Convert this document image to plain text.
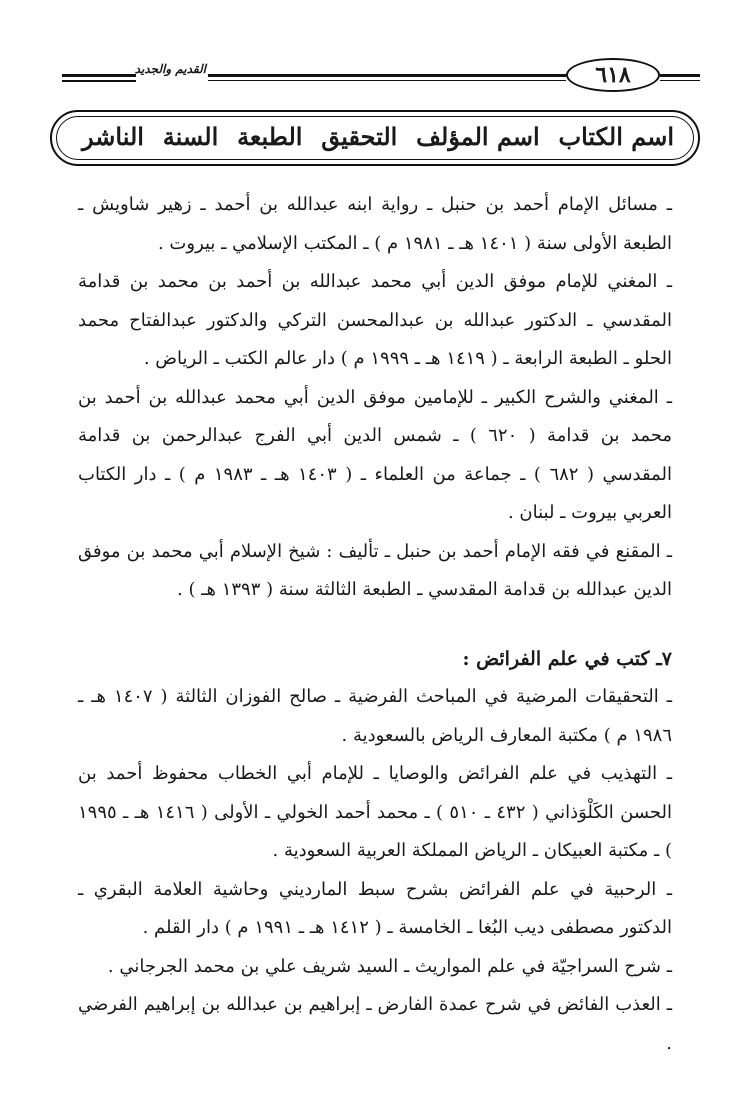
القديم والجديد	٦١٨
اسم الكتاب
اسم المؤلف
التحقيق
الطبعة
السنة
الناشر

ـ مسائل الإمام أحمد بن حنبل ـ رواية ابنه عبدالله بن أحمد ـ زهير شاويش ـ الطبعة الأولى سنة ( ١٤٠١ هـ ـ ١٩٨١ م ) ـ المكتب الإسلامي ـ بيروت .

ـ المغني للإمام موفق الدين أبي محمد عبدالله بن أحمد بن محمد بن قدامة المقدسي ـ الدكتور عبدالله بن عبدالمحسن التركي والدكتور عبدالفتاح محمد الحلو ـ الطبعة الرابعة ـ ( ١٤١٩ هـ ـ ١٩٩٩ م ) دار عالم الكتب ـ الرياض .

ـ المغني والشرح الكبير ـ للإمامين موفق الدين أبي محمد عبدالله بن أحمد بن محمد بن قدامة ( ٦٢٠ ) ـ شمس الدين أبي الفرج عبدالرحمن بن قدامة المقدسي ( ٦٨٢ ) ـ جماعة من العلماء ـ ( ١٤٠٣ هـ ـ ١٩٨٣ م ) ـ دار الكتاب العربي بيروت ـ لبنان .

ـ المقنع في فقه الإمام أحمد بن حنبل ـ تأليف : شيخ الإسلام أبي محمد بن موفق الدين عبدالله بن قدامة المقدسي ـ الطبعة الثالثة سنة ( ١٣٩٣ هـ ) .

٧ـ كتب في علم الفرائض :

ـ التحقيقات المرضية في المباحث الفرضية ـ صالح الفوزان الثالثة ( ١٤٠٧ هـ ـ ١٩٨٦ م ) مكتبة المعارف الرياض بالسعودية .

ـ التهذيب في علم الفرائض والوصايا ـ للإمام أبي الخطاب محفوظ أحمد بن الحسن الكَلْوَذاني ( ٤٣٢ ـ ٥١٠ ) ـ محمد أحمد الخولي ـ الأولى ( ١٤١٦ هـ ـ ١٩٩٥ ) ـ مكتبة العبيكان ـ الرياض المملكة العربية السعودية .

ـ الرحبية في علم الفرائض بشرح سبط المارديني وحاشية العلامة البقري ـ الدكتور مصطفى ديب البُغا ـ الخامسة ـ ( ١٤١٢ هـ ـ ١٩٩١ م ) دار القلم .

ـ شرح السراجيّة في علم المواريث ـ السيد شريف علي بن محمد الجرجاني .

ـ العذب الفائض في شرح عمدة الفارض ـ إبراهيم بن عبدالله بن إبراهيم الفرضي .
